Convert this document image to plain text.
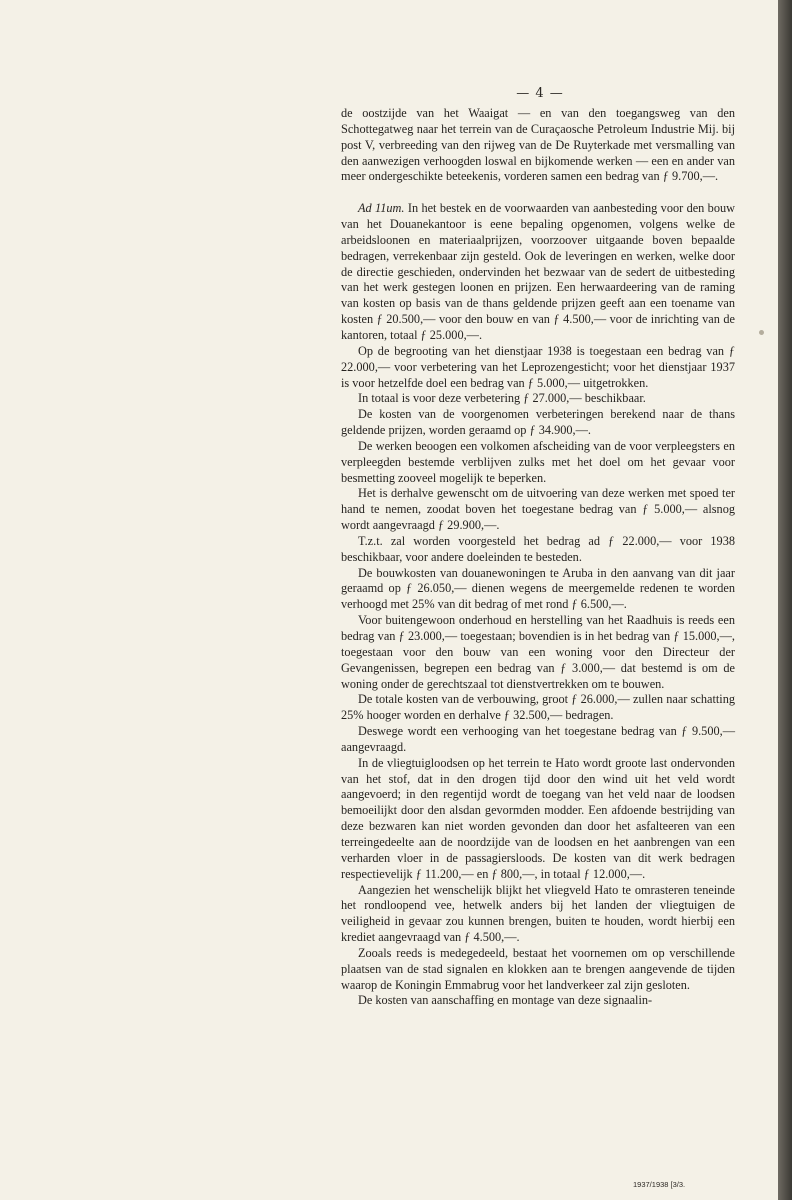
— 4 —

de oostzijde van het Waaigat — en van den toegangsweg van den Schottegatweg naar het terrein van de Curaçaosche Petroleum Industrie Mij. bij post V, verbreeding van den rijweg van de De Ruyterkade met versmalling van den aanwezigen verhoogden loswal en bijkomende werken — een en ander van meer ondergeschikte beteekenis, vorderen samen een bedrag van ƒ 9.700,—.

Ad 11um. In het bestek en de voorwaarden van aanbesteding voor den bouw van het Douanekantoor is eene bepaling opgenomen, volgens welke de arbeidsloonen en materiaalprijzen, voorzoover uitgaande boven bepaalde bedragen, verrekenbaar zijn gesteld. Ook de leveringen en werken, welke door de directie geschieden, ondervinden het bezwaar van de sedert de uitbesteding van het werk gestegen loonen en prijzen. Een herwaardeering van de raming van kosten op basis van de thans geldende prijzen geeft aan een toename van kosten ƒ 20.500,— voor den bouw en van ƒ 4.500,— voor de inrichting van de kantoren, totaal ƒ 25.000,—.

Op de begrooting van het dienstjaar 1938 is toegestaan een bedrag van ƒ 22.000,— voor verbetering van het Leprozengesticht; voor het dienstjaar 1937 is voor hetzelfde doel een bedrag van ƒ 5.000,— uitgetrokken.

In totaal is voor deze verbetering ƒ 27.000,— beschikbaar.

De kosten van de voorgenomen verbeteringen berekend naar de thans geldende prijzen, worden geraamd op ƒ 34.900,—.

De werken beoogen een volkomen afscheiding van de voor verpleegsters en verpleegden bestemde verblijven zulks met het doel om het gevaar voor besmetting zooveel mogelijk te beperken.

Het is derhalve gewenscht om de uitvoering van deze werken met spoed ter hand te nemen, zoodat boven het toegestane bedrag van ƒ 5.000,— alsnog wordt aangevraagd ƒ 29.900,—.

T.z.t. zal worden voorgesteld het bedrag ad ƒ 22.000,— voor 1938 beschikbaar, voor andere doeleinden te besteden.

De bouwkosten van douanewoningen te Aruba in den aanvang van dit jaar geraamd op ƒ 26.050,— dienen wegens de meergemelde redenen te worden verhoogd met 25% van dit bedrag of met rond ƒ 6.500,—.

Voor buitengewoon onderhoud en herstelling van het Raadhuis is reeds een bedrag van ƒ 23.000,— toegestaan; bovendien is in het bedrag van ƒ 15.000,—, toegestaan voor den bouw van een woning voor den Directeur der Gevangenissen, begrepen een bedrag van ƒ 3.000,— dat bestemd is om de woning onder de gerechtszaal tot dienstvertrekken om te bouwen.

De totale kosten van de verbouwing, groot ƒ 26.000,— zullen naar schatting 25% hooger worden en derhalve ƒ 32.500,— bedragen.

Deswege wordt een verhooging van het toegestane bedrag van ƒ 9.500,— aangevraagd.

In de vliegtuigloodsen op het terrein te Hato wordt groote last ondervonden van het stof, dat in den drogen tijd door den wind uit het veld wordt aangevoerd; in den regentijd wordt de toegang van het veld naar de loodsen bemoeilijkt door den alsdan gevormden modder. Een afdoende bestrijding van deze bezwaren kan niet worden gevonden dan door het asfalteeren van een terreingedeelte aan de noordzijde van de loodsen en het aanbrengen van een verharden vloer in de passagiersloods. De kosten van dit werk bedragen respectievelijk ƒ 11.200,— en ƒ 800,—, in totaal ƒ 12.000,—.

Aangezien het wenschelijk blijkt het vliegveld Hato te omrasteren teneinde het rondloopend vee, hetwelk anders bij het landen der vliegtuigen de veiligheid in gevaar zou kunnen brengen, buiten te houden, wordt hierbij een krediet aangevraagd van ƒ 4.500,—.

Zooals reeds is medegedeeld, bestaat het voornemen om op verschillende plaatsen van de stad signalen en klokken aan te brengen aangevende de tijden waarop de Koningin Emmabrug voor het landverkeer zal zijn gesloten.

De kosten van aanschaffing en montage van deze signaalin-

1937/1938 [3/3.
